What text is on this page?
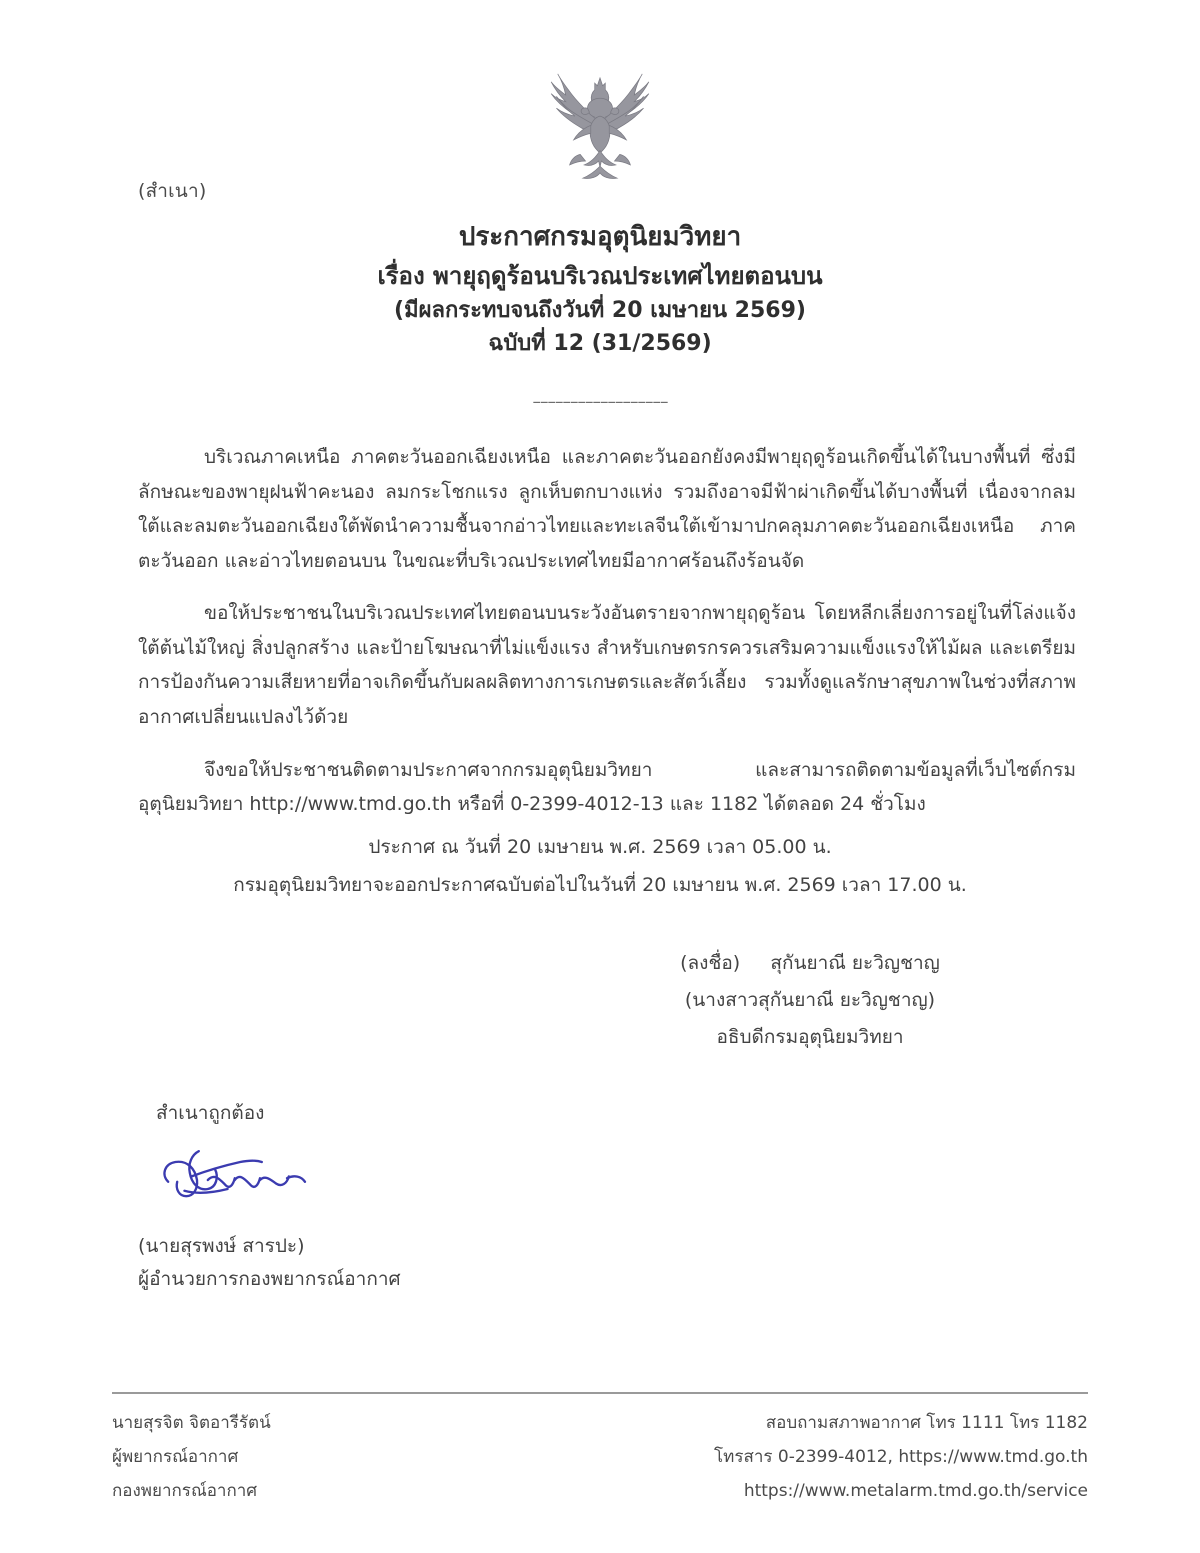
(สำเนา)
ประกาศกรมอุตุนิยมวิทยา
เรื่อง พายุฤดูร้อนบริเวณประเทศไทยตอนบน
(มีผลกระทบจนถึงวันที่ 20 เมษายน 2569)
ฉบับที่ 12 (31/2569)
––––––––––––––––––

บริเวณภาคเหนือ ภาคตะวันออกเฉียงเหนือ และภาคตะวันออกยังคงมีพายุฤดูร้อนเกิดขึ้นได้ในบางพื้นที่ ซึ่งมีลักษณะของพายุฝนฟ้าคะนอง ลมกระโชกแรง ลูกเห็บตกบางแห่ง รวมถึงอาจมีฟ้าผ่าเกิดขึ้นได้บางพื้นที่ เนื่องจากลมใต้และลมตะวันออกเฉียงใต้พัดนำความชื้นจากอ่าวไทยและทะเลจีนใต้เข้ามาปกคลุมภาคตะวันออกเฉียงเหนือ ภาคตะวันออก และอ่าวไทยตอนบน ในขณะที่บริเวณประเทศไทยมีอากาศร้อนถึงร้อนจัด

ขอให้ประชาชนในบริเวณประเทศไทยตอนบนระวังอันตรายจากพายุฤดูร้อน โดยหลีกเลี่ยงการอยู่ในที่โล่งแจ้ง ใต้ต้นไม้ใหญ่ สิ่งปลูกสร้าง และป้ายโฆษณาที่ไม่แข็งแรง สำหรับเกษตรกรควรเสริมความแข็งแรงให้ไม้ผล และเตรียมการป้องกันความเสียหายที่อาจเกิดขึ้นกับผลผลิตทางการเกษตรและสัตว์เลี้ยง รวมทั้งดูแลรักษาสุขภาพในช่วงที่สภาพอากาศเปลี่ยนแปลงไว้ด้วย

จึงขอให้ประชาชนติดตามประกาศจากกรมอุตุนิยมวิทยา และสามารถติดตามข้อมูลที่เว็บไซต์กรมอุตุนิยมวิทยา http://www.tmd.go.th หรือที่ 0-2399-4012-13 และ 1182 ได้ตลอด 24 ชั่วโมง

ประกาศ ณ วันที่ 20 เมษายน พ.ศ. 2569 เวลา 05.00 น.
กรมอุตุนิยมวิทยาจะออกประกาศฉบับต่อไปในวันที่ 20 เมษายน พ.ศ. 2569 เวลา 17.00 น.
(ลงชื่อ)     สุกันยาณี ยะวิญชาญ
(นางสาวสุกันยาณี ยะวิญชาญ)
อธิบดีกรมอุตุนิยมวิทยา
สำเนาถูกต้อง
(นายสุรพงษ์ สารปะ)
ผู้อำนวยการกองพยากรณ์อากาศ
นายสุรจิต จิตอารีรัตน์
ผู้พยากรณ์อากาศ
กองพยากรณ์อากาศ
สอบถามสภาพอากาศ โทร 1111 โทร 1182
โทรสาร 0-2399-4012, https://www.tmd.go.th
https://www.metalarm.tmd.go.th/service
